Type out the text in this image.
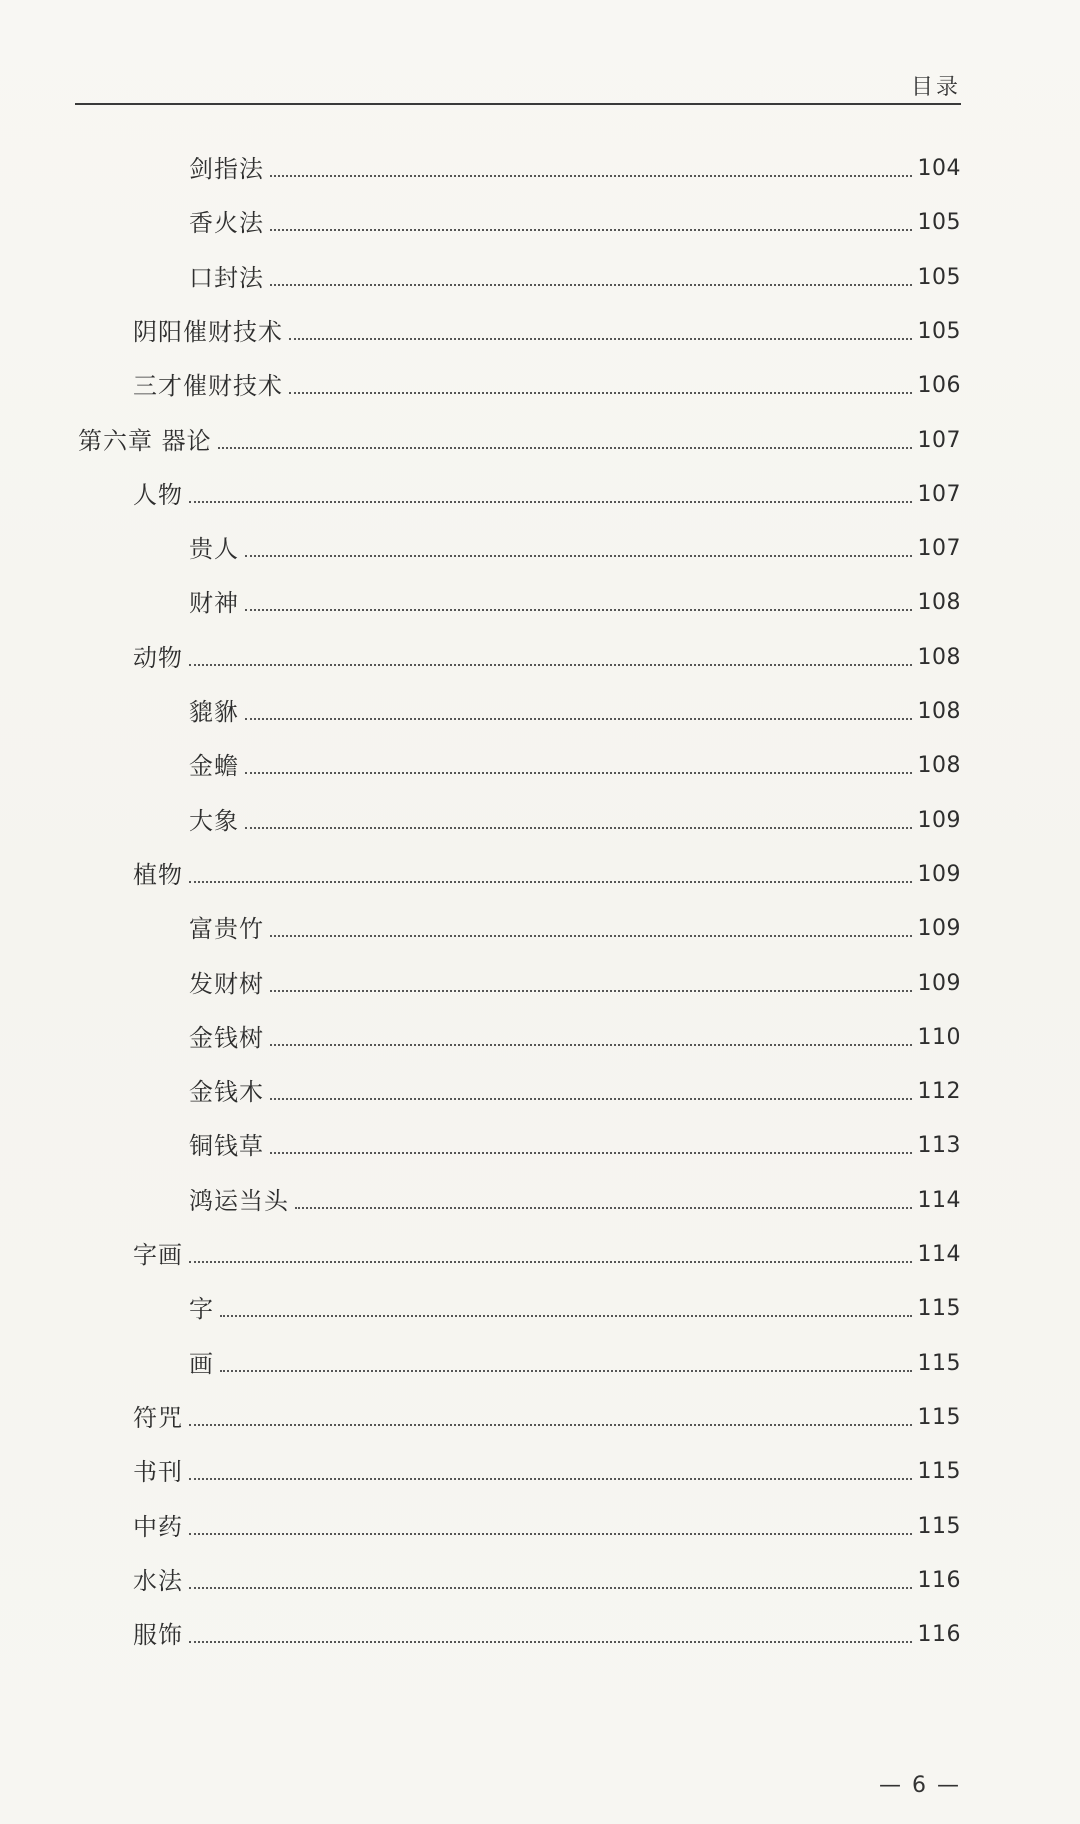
目录
剑指法	104
香火法	105
口封法	105
阴阳催财技术	105
三才催财技术	106
第六章 器论	107
人物	107
贵人	107
财神	108
动物	108
貔貅	108
金蟾	108
大象	109
植物	109
富贵竹	109
发财树	109
金钱树	110
金钱木	112
铜钱草	113
鸿运当头	114
字画	114
字	115
画	115
符咒	115
书刊	115
中药	115
水法	116
服饰	116
— 6 —
